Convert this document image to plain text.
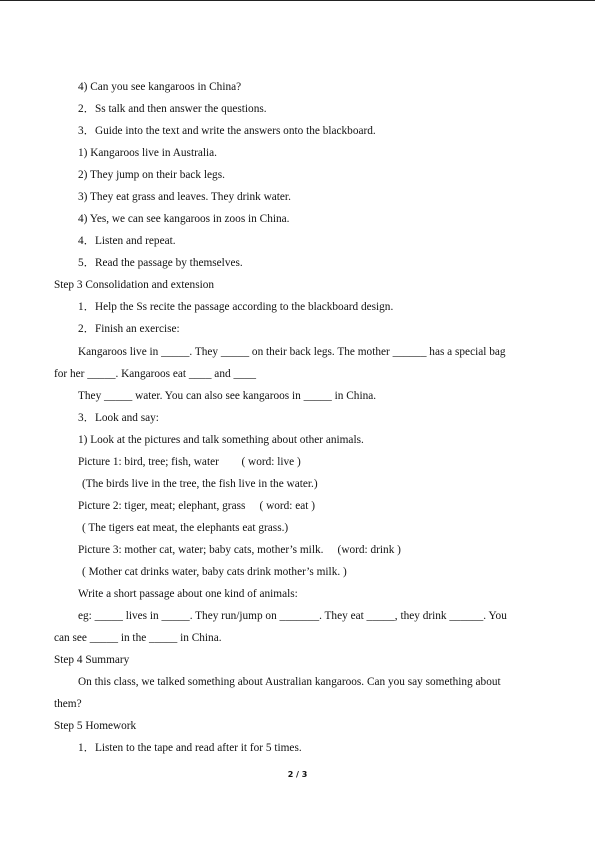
4) Can you see kangaroos in China?
2．Ss talk and then answer the questions.
3．Guide into the text and write the answers onto the blackboard.
1) Kangaroos live in Australia.
2) They jump on their back legs.
3) They eat grass and leaves. They drink water.
4) Yes, we can see kangaroos in zoos in China.
4．Listen and repeat.
5．Read the passage by themselves.
Step 3 Consolidation and extension
1．Help the Ss recite the passage according to the blackboard design.
2．Finish an exercise:
Kangaroos live in _____. They _____ on their back legs. The mother ______ has a special bag
for her _____. Kangaroos eat ____ and ____
They _____ water. You can also see kangaroos in _____ in China.
3．Look and say:
1) Look at the pictures and talk something about other animals.
Picture 1: bird, tree; fish, water        ( word: live )
(The birds live in the tree, the fish live in the water.)
Picture 2: tiger, meat; elephant, grass     ( word: eat )
( The tigers eat meat, the elephants eat grass.)
Picture 3: mother cat, water; baby cats, mother’s milk.     (word: drink )
( Mother cat drinks water, baby cats drink mother’s milk. )
Write a short passage about one kind of animals:
eg: _____ lives in _____. They run/jump on _______. They eat _____, they drink ______. You
can see _____ in the _____ in China.
Step 4 Summary
On this class, we talked something about Australian kangaroos. Can you say something about
them?
Step 5 Homework
1．Listen to the tape and read after it for 5 times.
2 / 3
